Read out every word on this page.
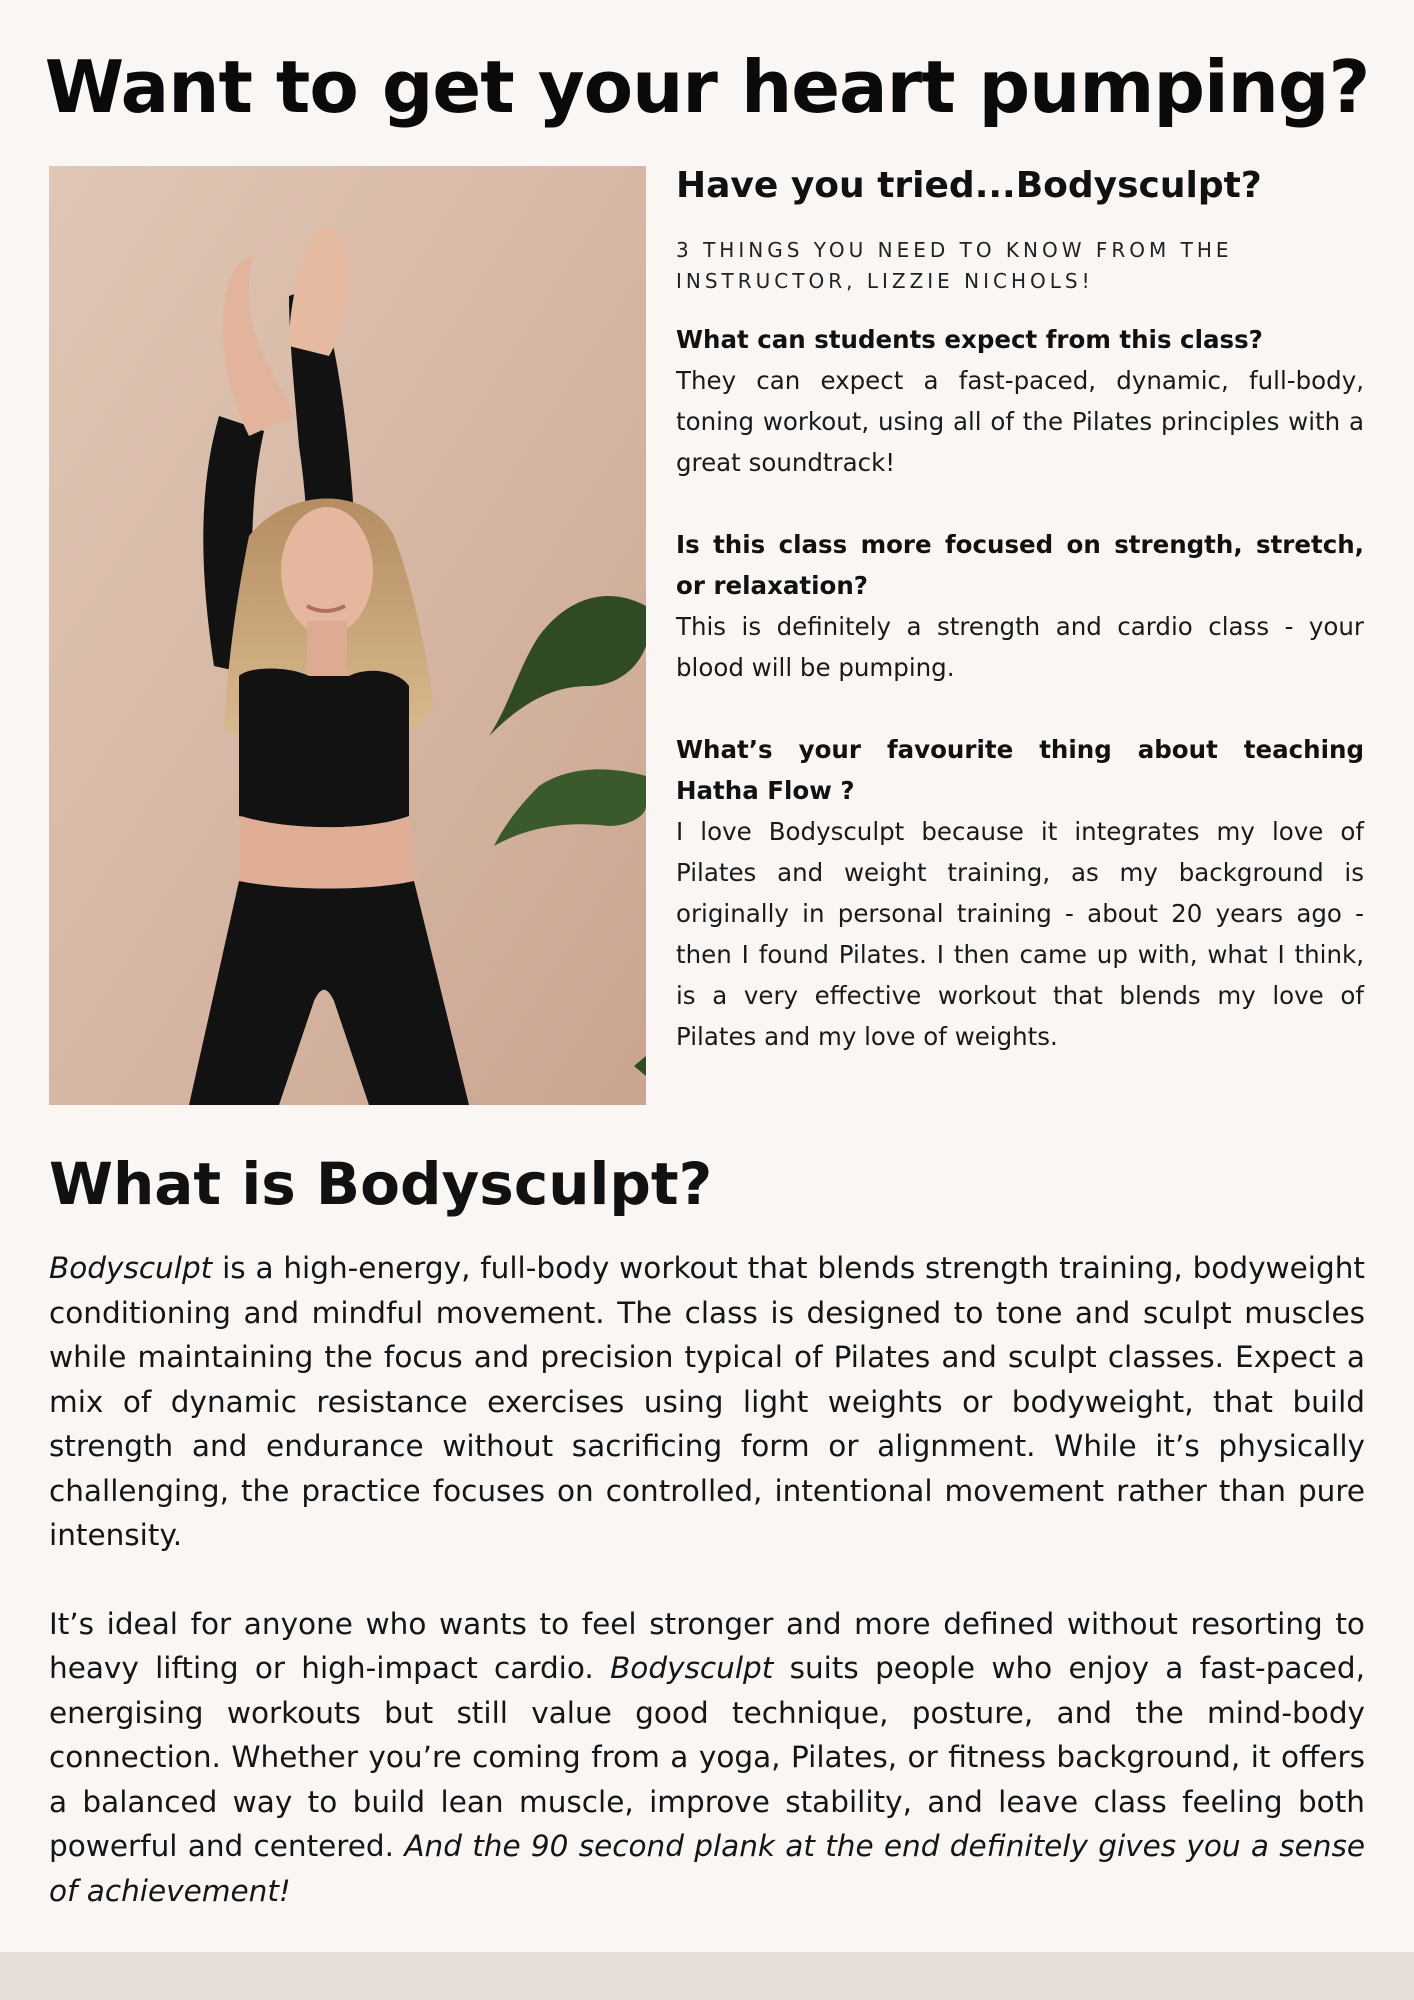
Want to get your heart pumping?
Have you tried...Bodysculpt?

3 THINGS YOU NEED TO KNOW FROM THE INSTRUCTOR, LIZZIE NICHOLS!

What can students expect from this class?

They can expect a fast-paced, dynamic, full-body, toning workout, using all of the Pilates principles with a great soundtrack!

Is this class more focused on strength, stretch, or relaxation?

This is definitely a strength and cardio class - your blood will be pumping.

What’s your favourite thing about teaching Hatha Flow ?

I love Bodysculpt because it integrates my love of Pilates and weight training, as my background is originally in personal training - about 20 years ago - then I found Pilates. I then came up with, what I think, is a very effective workout that blends my love of Pilates and my love of weights.

What is Bodysculpt?

Bodysculpt is a high-energy, full-body workout that blends strength training, bodyweight conditioning and mindful movement. The class is designed to tone and sculpt muscles while maintaining the focus and precision typical of Pilates and sculpt classes. Expect a mix of dynamic resistance exercises using light weights or bodyweight, that build strength and endurance without sacrificing form or alignment. While it’s physically challenging, the practice focuses on controlled, intentional movement rather than pure intensity.

It’s ideal for anyone who wants to feel stronger and more defined without resorting to heavy lifting or high-impact cardio. Bodysculpt suits people who enjoy a fast-paced, energising workouts but still value good technique, posture, and the mind-body connection. Whether you’re coming from a yoga, Pilates, or fitness background, it offers a balanced way to build lean muscle, improve stability, and leave class feeling both powerful and centered. And the 90 second plank at the end definitely gives you a sense of achievement!
